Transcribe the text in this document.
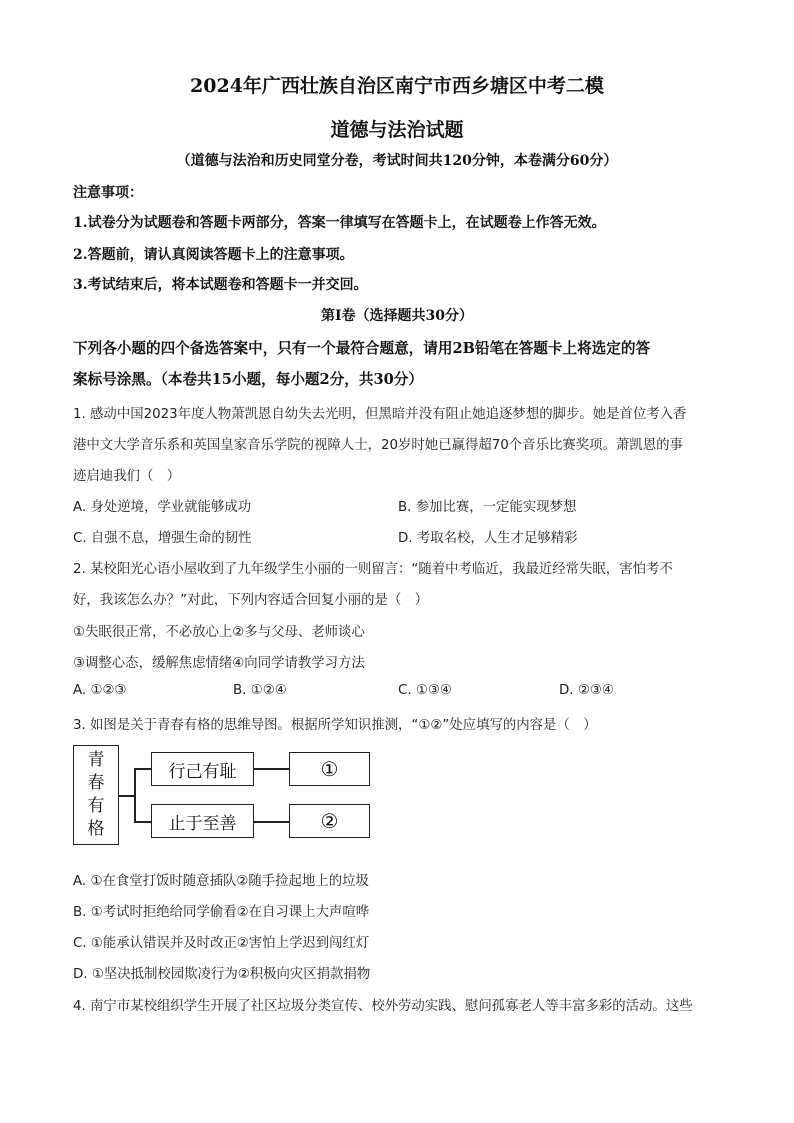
2024年广西壮族自治区南宁市西乡塘区中考二模
道德与法治试题
（道德与法治和历史同堂分卷，考试时间共120分钟，本卷满分60分）
注意事项：
1.试卷分为试题卷和答题卡两部分，答案一律填写在答题卡上，在试题卷上作答无效。
2.答题前，请认真阅读答题卡上的注意事项。
3.考试结束后，将本试题卷和答题卡一并交回。
第Ⅰ卷（选择题共30分）
下列各小题的四个备选答案中，只有一个最符合题意，请用2B铅笔在答题卡上将选定的答
案标号涂黑。（本卷共15小题，每小题2分，共30分）
1. 感动中国2023年度人物萧凯恩自幼失去光明，但黑暗并没有阻止她追逐梦想的脚步。她是首位考入香
港中文大学音乐系和英国皇家音乐学院的视障人士，20岁时她已赢得超70个音乐比赛奖项。萧凯恩的事
迹启迪我们（　）
A. 身处逆境，学业就能够成功	B. 参加比赛，一定能实现梦想
C. 自强不息，增强生命的韧性	D. 考取名校，人生才足够精彩
2. 某校阳光心语小屋收到了九年级学生小丽的一则留言：“随着中考临近，我最近经常失眠，害怕考不
好，我该怎么办？”对此，下列内容适合回复小丽的是（　）
①失眠很正常，不必放心上②多与父母、老师谈心
③调整心态，缓解焦虑情绪④向同学请教学习方法
A. ①②③	B. ①②④	C. ①③④	D. ②③④
3. 如图是关于青春有格的思维导图。根据所学知识推测，“①②”处应填写的内容是（　）
青
春
有
格
行己有耻
止于至善
①
②
A. ①在食堂打饭时随意插队②随手捡起地上的垃圾
B. ①考试时拒绝给同学偷看②在自习课上大声喧哗
C. ①能承认错误并及时改正②害怕上学迟到闯红灯
D. ①坚决抵制校园欺凌行为②积极向灾区捐款捐物
4. 南宁市某校组织学生开展了社区垃圾分类宣传、校外劳动实践、慰问孤寡老人等丰富多彩的活动。这些
